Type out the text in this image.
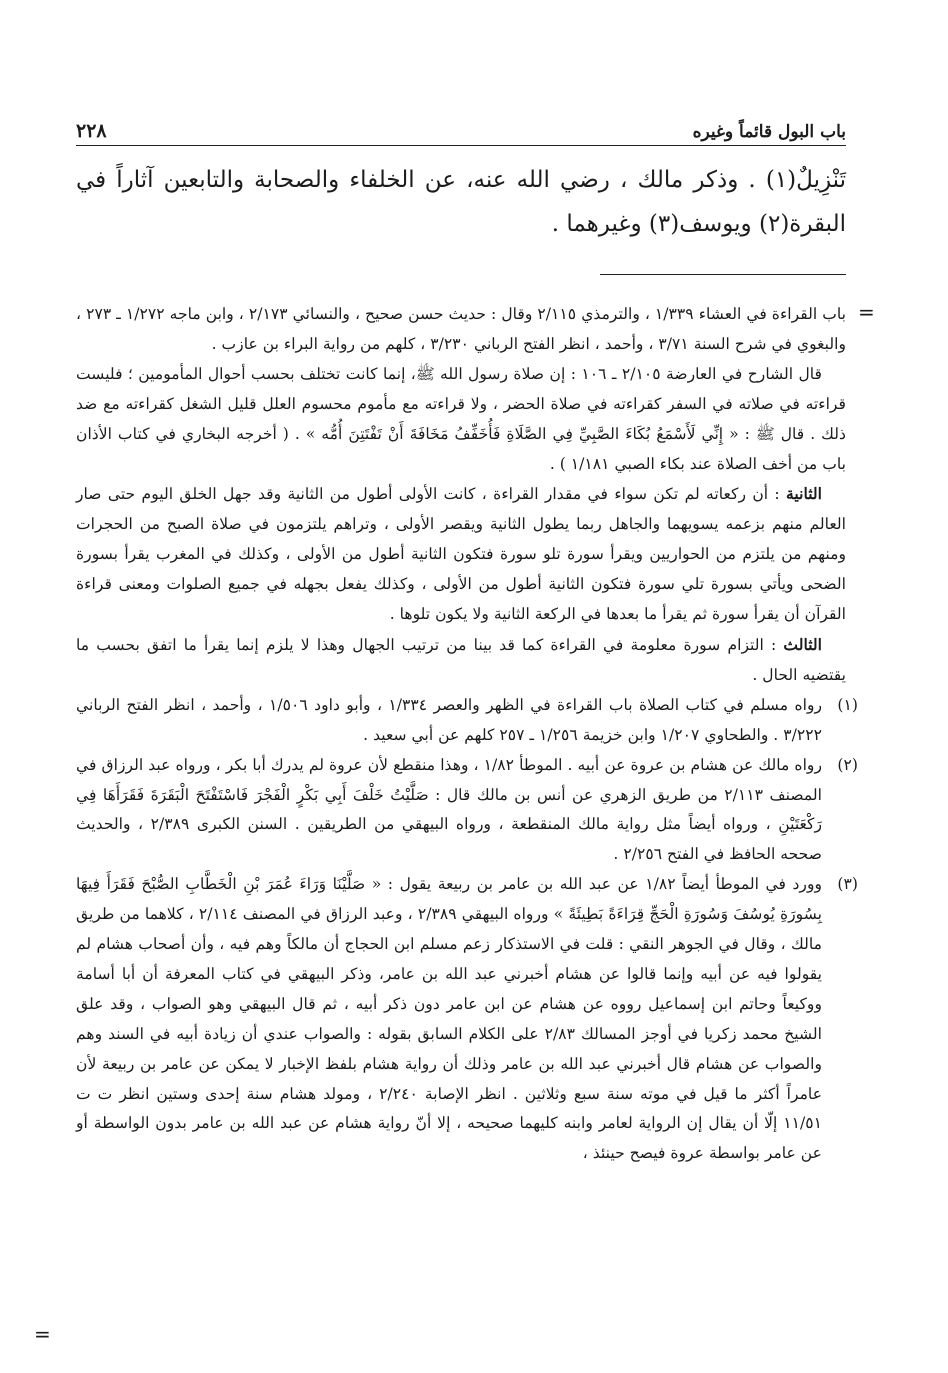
باب البول قائماً وغيره
٢٢٨

تَنْزِيلٌ(١) . وذكر مالك ، رضي الله عنه، عن الخلفاء والصحابة والتابعين آثاراً في البقرة(٢) ويوسف(٣) وغيرهما .

=

باب القراءة في العشاء ١/٣٣٩ ، والترمذي ٢/١١٥ وقال : حديث حسن صحيح ، والنسائي ٢/١٧٣ ، وابن ماجه ١/٢٧٢ ـ ٢٧٣ ، والبغوي في شرح السنة ٣/٧١ ، وأحمد ، انظر الفتح الرباني ٣/٢٣٠ ، كلهم من رواية البراء بن عازب .

قال الشارح في العارضة ٢/١٠٥ ـ ١٠٦ : إن صلاة رسول الله ﷺ، إنما كانت تختلف بحسب أحوال المأمومين ؛ فليست قراءته في صلاته في السفر كقراءته في صلاة الحضر ، ولا قراءته مع مأموم محسوم العلل قليل الشغل كقراءته مع ضد ذلك . قال ﷺ : « إِنِّي لَأَسْمَعُ بُكَاءَ الصَّبِيِّ فِي الصَّلَاةِ فَأُخَفِّفُ مَخَافَةَ أَنْ تَفْتَتِنَ أُمُّه » . ( أخرجه البخاري في كتاب الأذان باب من أخف الصلاة عند بكاء الصبي ١/١٨١ ) .

الثانية : أن ركعاته لم تكن سواء في مقدار القراءة ، كانت الأولى أطول من الثانية وقد جهل الخلق اليوم حتى صار العالم منهم بزعمه يسويهما والجاهل ربما يطول الثانية ويقصر الأولى ، وتراهم يلتزمون في صلاة الصبح من الحجرات ومنهم من يلتزم من الحواريين ويقرأ سورة تلو سورة فتكون الثانية أطول من الأولى ، وكذلك في المغرب يقرأ بسورة الضحى ويأتي بسورة تلي سورة فتكون الثانية أطول من الأولى ، وكذلك يفعل بجهله في جميع الصلوات ومعنى قراءة القرآن أن يقرأ سورة ثم يقرأ ما بعدها في الركعة الثانية ولا يكون تلوها .

الثالث : التزام سورة معلومة في القراءة كما قد بينا من ترتيب الجهال وهذا لا يلزم إنما يقرأ ما اتفق بحسب ما يقتضيه الحال .

(١)
رواه مسلم في كتاب الصلاة باب القراءة في الظهر والعصر ١/٣٣٤ ، وأبو داود ١/٥٠٦ ، وأحمد ، انظر الفتح الرباني ٣/٢٢٢ . والطحاوي ١/٢٠٧ وابن خزيمة ١/٢٥٦ ـ ٢٥٧ كلهم عن أبي سعيد .
(٢)
رواه مالك عن هشام بن عروة عن أبيه . الموطأ ١/٨٢ ، وهذا منقطع لأن عروة لم يدرك أبا بكر ، ورواه عبد الرزاق في المصنف ٢/١١٣ من طريق الزهري عن أنس بن مالك قال : صَلَّيْتُ خَلْفَ أَبِي بَكْرٍ الْفَجْرَ فَاسْتَفْتَحَ الْبَقَرَةَ فَقَرَأَهَا فِي رَكْعَتَيْنِ ، ورواه أيضاً مثل رواية مالك المنقطعة ، ورواه البيهقي من الطريقين . السنن الكبرى ٢/٣٨٩ ، والحديث صححه الحافظ في الفتح ٢/٢٥٦ .
(٣)
وورد في الموطأ أيضاً ١/٨٢ عن عبد الله بن عامر بن ربيعة يقول : « صَلَّيْنَا وَرَاءَ عُمَرَ بْنِ الْخَطَّابِ الصُّبْحَ فَقَرَأَ فِيهَا بِسُورَةِ يُوسُفَ وَسُورَةِ الْحَجِّ قِرَاءَةً بَطِيئَةً » ورواه البيهقي ٢/٣٨٩ ، وعبد الرزاق في المصنف ٢/١١٤ ، كلاهما من طريق مالك ، وقال في الجوهر النقي : قلت في الاستذكار زعم مسلم ابن الحجاج أن مالكاً وهم فيه ، وأن أصحاب هشام لم يقولوا فيه عن أبيه وإنما قالوا عن هشام أخبرني عبد الله بن عامر، وذكر البيهقي في كتاب المعرفة أن أبا أسامة ووكيعاً وحاتم ابن إسماعيل رووه عن هشام عن ابن عامر دون ذكر أبيه ، ثم قال البيهقي وهو الصواب ، وقد علق الشيخ محمد زكريا في أوجز المسالك ٢/٨٣ على الكلام السابق بقوله : والصواب عندي أن زيادة أبيه في السند وهم والصواب عن هشام قال أخبرني عبد الله بن عامر وذلك أن رواية هشام بلفظ الإخبار لا يمكن عن عامر بن ربيعة لأن عامراً أكثر ما قيل في موته سنة سبع وثلاثين . انظر الإصابة ٢/٢٤٠ ، ومولد هشام سنة إحدى وستين انظر ت ت ١١/٥١ إلّا أن يقال إن الرواية لعامر وابنه كليهما صحيحه ، إلا أنّ رواية هشام عن عبد الله بن عامر بدون الواسطة أو عن عامر بواسطة عروة فيصح حينئذ ،
=
